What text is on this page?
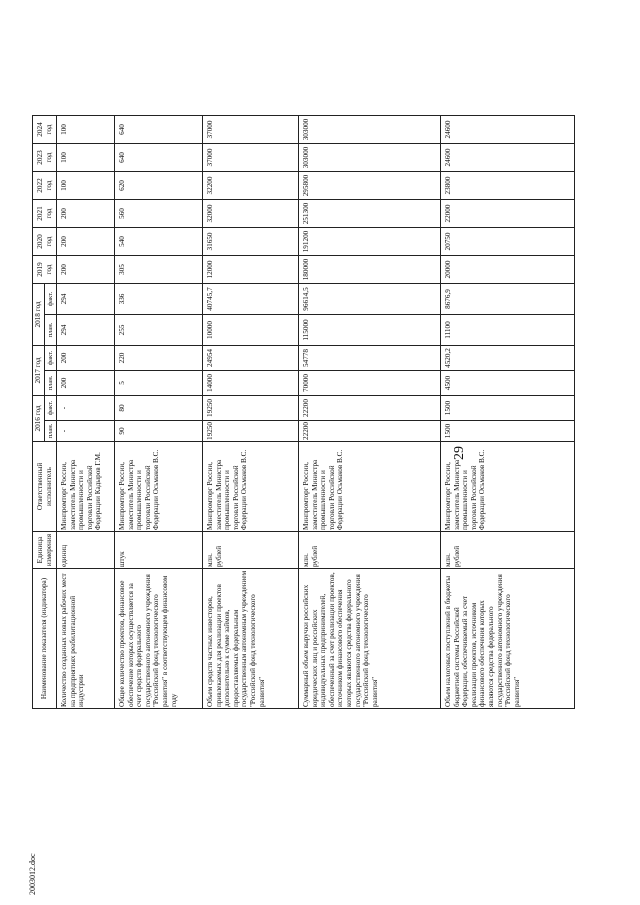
29
2003012.doc
Наименование показателя (индикатора)	Единица измерения	Ответственный исполнитель	2016 год		2017 год		2018 год		2019 год	2020 год	2021 год	2022 год	2023 год	2024 год
			план.	факт.	план.	факт.	план.	факт.						
Количество созданных новых рабочих мест на предприятиях реабилитационной индустрии	единиц	Минпромторг России, заместитель Министра промышленности и торговли Российской Федерации Кадыров Г.М.	-	-	200	200	294	294	200	200	200	100	100	100
Общее количество проектов, финансовое обеспечение которых осуществляется за счет средств федерального государственного автономного учреждения "Российский фонд технологического развития" в соответствующем финансовом году	штук	Минпромторг России, заместитель Министра промышленности и торговли Российской Федерации Осьмаков В.С.	90	80	5	220	255	336	305	540	560	620	640	640
Объем средств частных инвесторов, привлекаемых для реализации проектов дополнительно к сумме займов, предоставляемых федеральным государственным автономным учреждением "Российский фонд технологического развития"	млн. рублей	Минпромторг России, заместитель Министра промышленности и торговли Российской Федерации Осьмаков В.С.	19250	19250	14000	24954	10000	40745,7	12000	31650	32000	32200	37000	37000
Суммарный объем выручки российских юридических лиц и российских индивидуальных предпринимателей, обеспеченный за счет реализации проектов, источником финансового обеспечения которых являются средства федерального государственного автономного учреждения "Российский фонд технологического развития"	млн. рублей	Минпромторг России, заместитель Министра промышленности и торговли Российской Федерации Осьмаков В.С.	22200	22200	70000	54778	115000	96614,5	180000	191200	251300	295800	303000	303000
Объем налоговых поступлений в бюджеты бюджетной системы Российской Федерации, обеспечиваемый за счет реализации проектов, источником финансового обеспечения которых являются средства федерального государственного автономного учреждения "Российский фонд технологического развития"	млн. рублей	Минпромторг России, заместитель Министра промышленности и торговли Российской Федерации Осьмаков В.С.	1500	1500	4500	4520,2	11100	8676,9	20000	20750	22000	23800	24600	24600
